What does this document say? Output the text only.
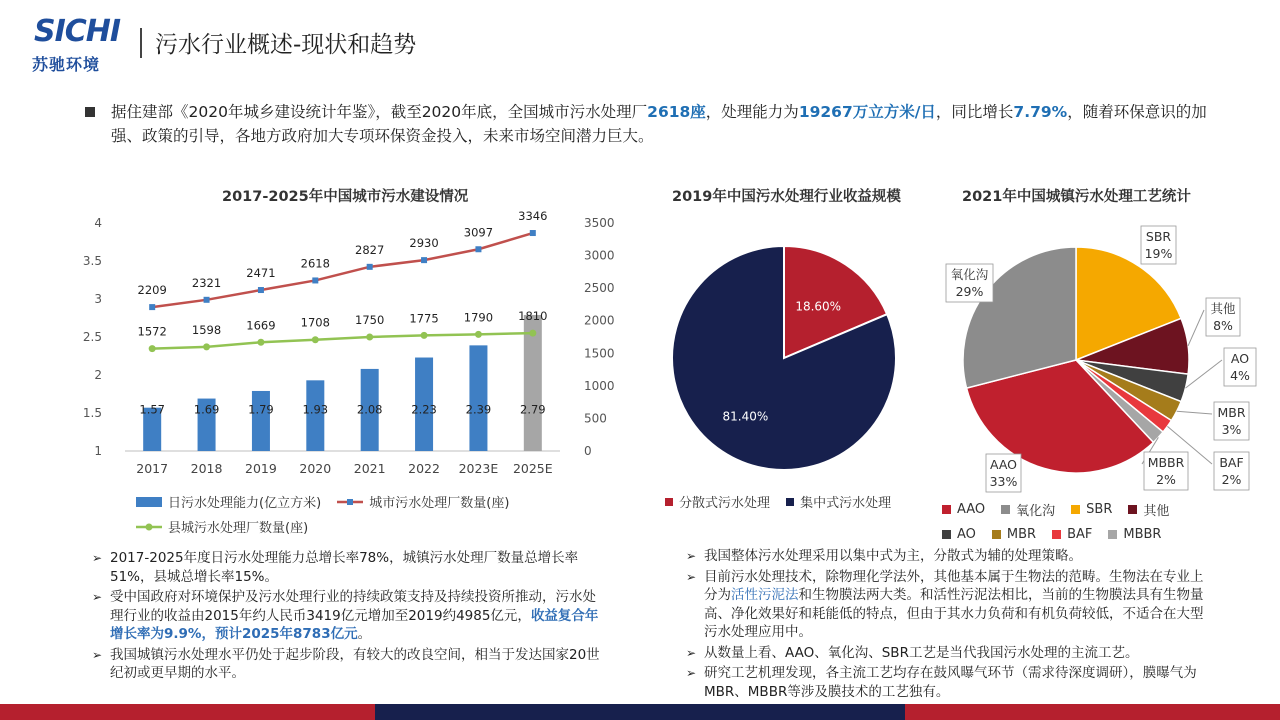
SICHI
苏驰环境
污水行业概述-现状和趋势
据住建部《2020年城乡建设统计年鉴》，截至2020年底，全国城市污水处理厂2618座，处理能力为19267万立方米/日，同比增长7.79%，随着环保意识的加强、政策的引导，各地方政府加大专项环保资金投入，未来市场空间潜力巨大。
2017-2025年中国城市污水建设情况
1
1.5
2
2.5
3
3.5
4
0
500
1000
1500
2000
2500
3000
3500
1.57	1.69	1.79	1.93	2.08	2.23	2.39	2.79
2017 2018 2019 2020 2021 2022 2023E 2025E
2209
2321
2471
2618
2827 2930
3097
3346
1572 1598 1669 1708 1750 1775 1790 1810
日污水处理能力(亿立方米)
	城市污水处理厂数量(座)
县城污水处理厂数量(座)
2019年中国污水处理行业收益规模
18.60%
81.40%
分散式污水处理
集中式污水处理
2021年中国城镇污水处理工艺统计
SBR
19%
其他
8%
AO
4%
MBR
3%
BAF
2%
MBBR
2%
AAO
33%
氧化沟
29%
AAO 氧化沟 SBR 其他
AO MBR BAF MBBR
➢ 2017-2025年度日污水处理能力总增长率78%，城镇污水处理厂数量总增长率51%，县城总增长率15%。
➢ 受中国政府对环境保护及污水处理行业的持续政策支持及持续投资所推动，污水处理行业的收益由2015年约人民币3419亿元增加至2019约4985亿元，收益复合年增长率为9.9%，预计2025年8783亿元。
➢ 我国城镇污水处理水平仍处于起步阶段，有较大的改良空间，相当于发达国家20世纪初或更早期的水平。
➢ 我国整体污水处理采用以集中式为主，分散式为辅的处理策略。
➢ 目前污水处理技术，除物理化学法外，其他基本属于生物法的范畴。生物法在专业上分为活性污泥法和生物膜法两大类。和活性污泥法相比，当前的生物膜法具有生物量高、净化效果好和耗能低的特点，但由于其水力负荷和有机负荷较低，不适合在大型污水处理应用中。
➢ 从数量上看、AAO、氧化沟、SBR工艺是当代我国污水处理的主流工艺。
➢ 研究工艺机理发现，各主流工艺均存在鼓风曝气环节（需求待深度调研），膜曝气为MBR、MBBR等涉及膜技术的工艺独有。
